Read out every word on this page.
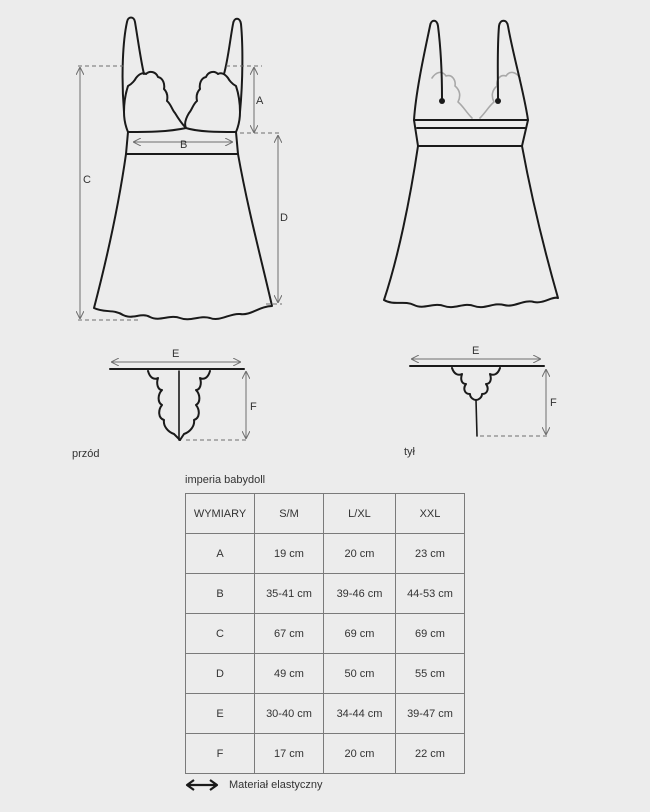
A
B
C
D
E
F
E
F
przód	tył
imperia babydoll
WYMIARY	S/M	L/XL	XXL
A	19 cm	20 cm	23 cm
B	35-41 cm	39-46 cm	44-53 cm
C	67 cm	69 cm	69 cm
D	49 cm	50 cm	55 cm
E	30-40 cm	34-44 cm	39-47 cm
F	17 cm	20 cm	22 cm
Materiał elastyczny
